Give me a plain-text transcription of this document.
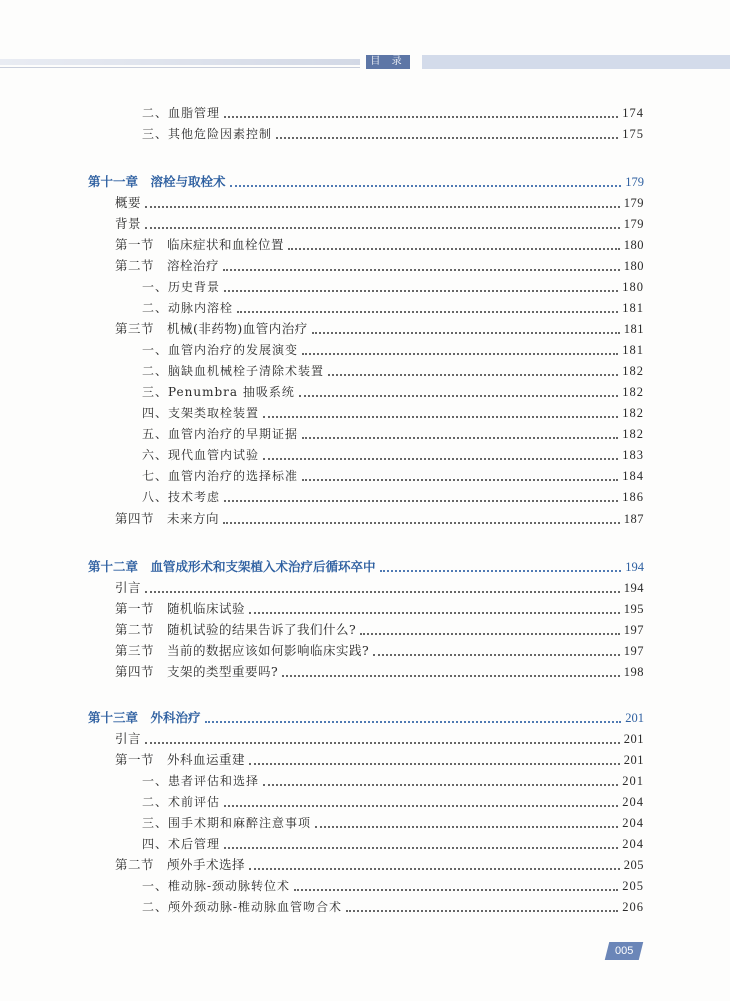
目 录
二、血脂管理	174
三、其他危险因素控制	175
第十一章　溶栓与取栓术	179
概要	179
背景	179
第一节　临床症状和血栓位置	180
第二节　溶栓治疗	180
一、历史背景	180
二、动脉内溶栓	181
第三节　机械(非药物)血管内治疗	181
一、血管内治疗的发展演变	181
二、脑缺血机械栓子清除术装置	182
三、Penumbra 抽吸系统	182
四、支架类取栓装置	182
五、血管内治疗的早期证据	182
六、现代血管内试验	183
七、血管内治疗的选择标准	184
八、技术考虑	186
第四节　未来方向	187
第十二章　血管成形术和支架植入术治疗后循环卒中	194
引言	194
第一节　随机临床试验	195
第二节　随机试验的结果告诉了我们什么?	197
第三节　当前的数据应该如何影响临床实践?	197
第四节　支架的类型重要吗?	198
第十三章　外科治疗	201
引言	201
第一节　外科血运重建	201
一、患者评估和选择	201
二、术前评估	204
三、围手术期和麻醉注意事项	204
四、术后管理	204
第二节　颅外手术选择	205
一、椎动脉-颈动脉转位术	205
二、颅外颈动脉-椎动脉血管吻合术	206
005
